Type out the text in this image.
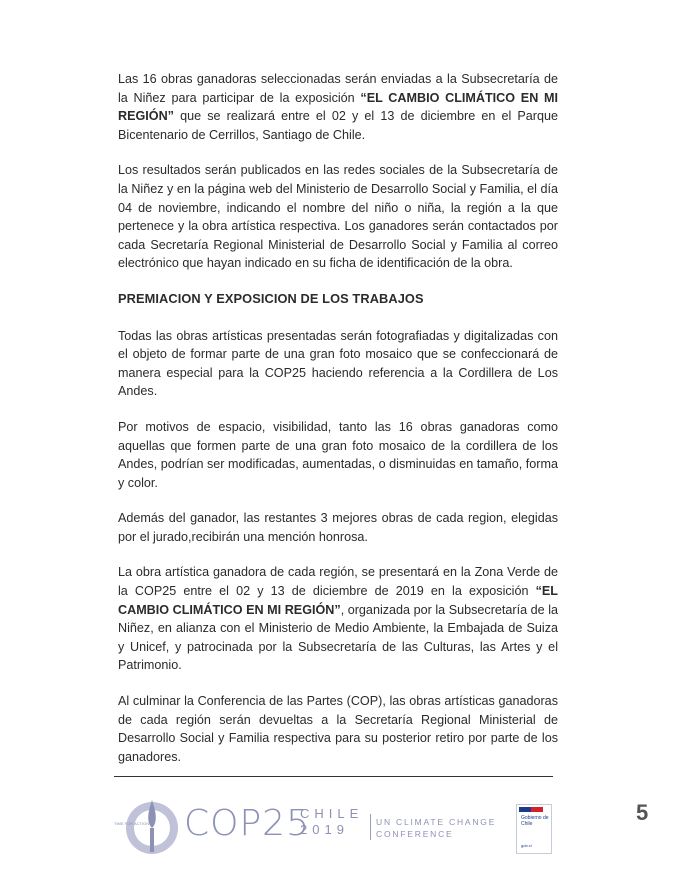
Las 16 obras ganadoras seleccionadas serán enviadas a la Subsecretaría de la Niñez para participar de la exposición “EL CAMBIO CLIMÁTICO EN MI REGIÓN” que se realizará entre el 02 y el 13 de diciembre en el Parque Bicentenario de Cerrillos, Santiago de Chile.

Los resultados serán publicados en las redes sociales de la Subsecretaría de la Niñez y en la página web del Ministerio de Desarrollo Social y Familia, el día 04 de noviembre, indicando el nombre del niño o niña, la región a la que pertenece y la obra artística respectiva. Los ganadores serán contactados por cada Secretaría Regional Ministerial de Desarrollo Social y Familia al correo electrónico que hayan indicado en su ficha de identificación de la obra.

PREMIACION Y EXPOSICION DE LOS TRABAJOS

Todas las obras artísticas presentadas serán fotografiadas y digitalizadas con el objeto de formar parte de una gran foto mosaico que se confeccionará de manera especial para la COP25 haciendo referencia a la Cordillera de Los Andes.

Por motivos de espacio, visibilidad, tanto las 16 obras ganadoras como aquellas que formen parte de una gran foto mosaico de la cordillera de los Andes, podrían ser modificadas, aumentadas, o disminuidas en tamaño, forma y color.

Además del ganador, las restantes 3 mejores obras de cada region, elegidas por el jurado,recibirán una mención honrosa.

La obra artística ganadora de cada región, se presentará en la Zona Verde de la COP25 entre el 02 y 13 de diciembre de 2019 en la exposición “EL CAMBIO CLIMÁTICO EN MI REGIÓN”, organizada por la Subsecretaría de la Niñez, en alianza con el Ministerio de Medio Ambiente, la Embajada de Suiza y Unicef, y patrocinada por la Subsecretaría de las Culturas, las Artes y el Patrimonio.

Al culminar la Conferencia de las Partes (COP), las obras artísticas ganadoras de cada región serán devueltas a la Secretaría Regional Ministerial de Desarrollo Social y Familia respectiva para su posterior retiro por parte de los ganadores.

TIME FOR ACTION COP25
CHILE
2019	UN CLIMATE CHANGE
CONFERENCE
Gobierno de
Chile
gob.cl
5
